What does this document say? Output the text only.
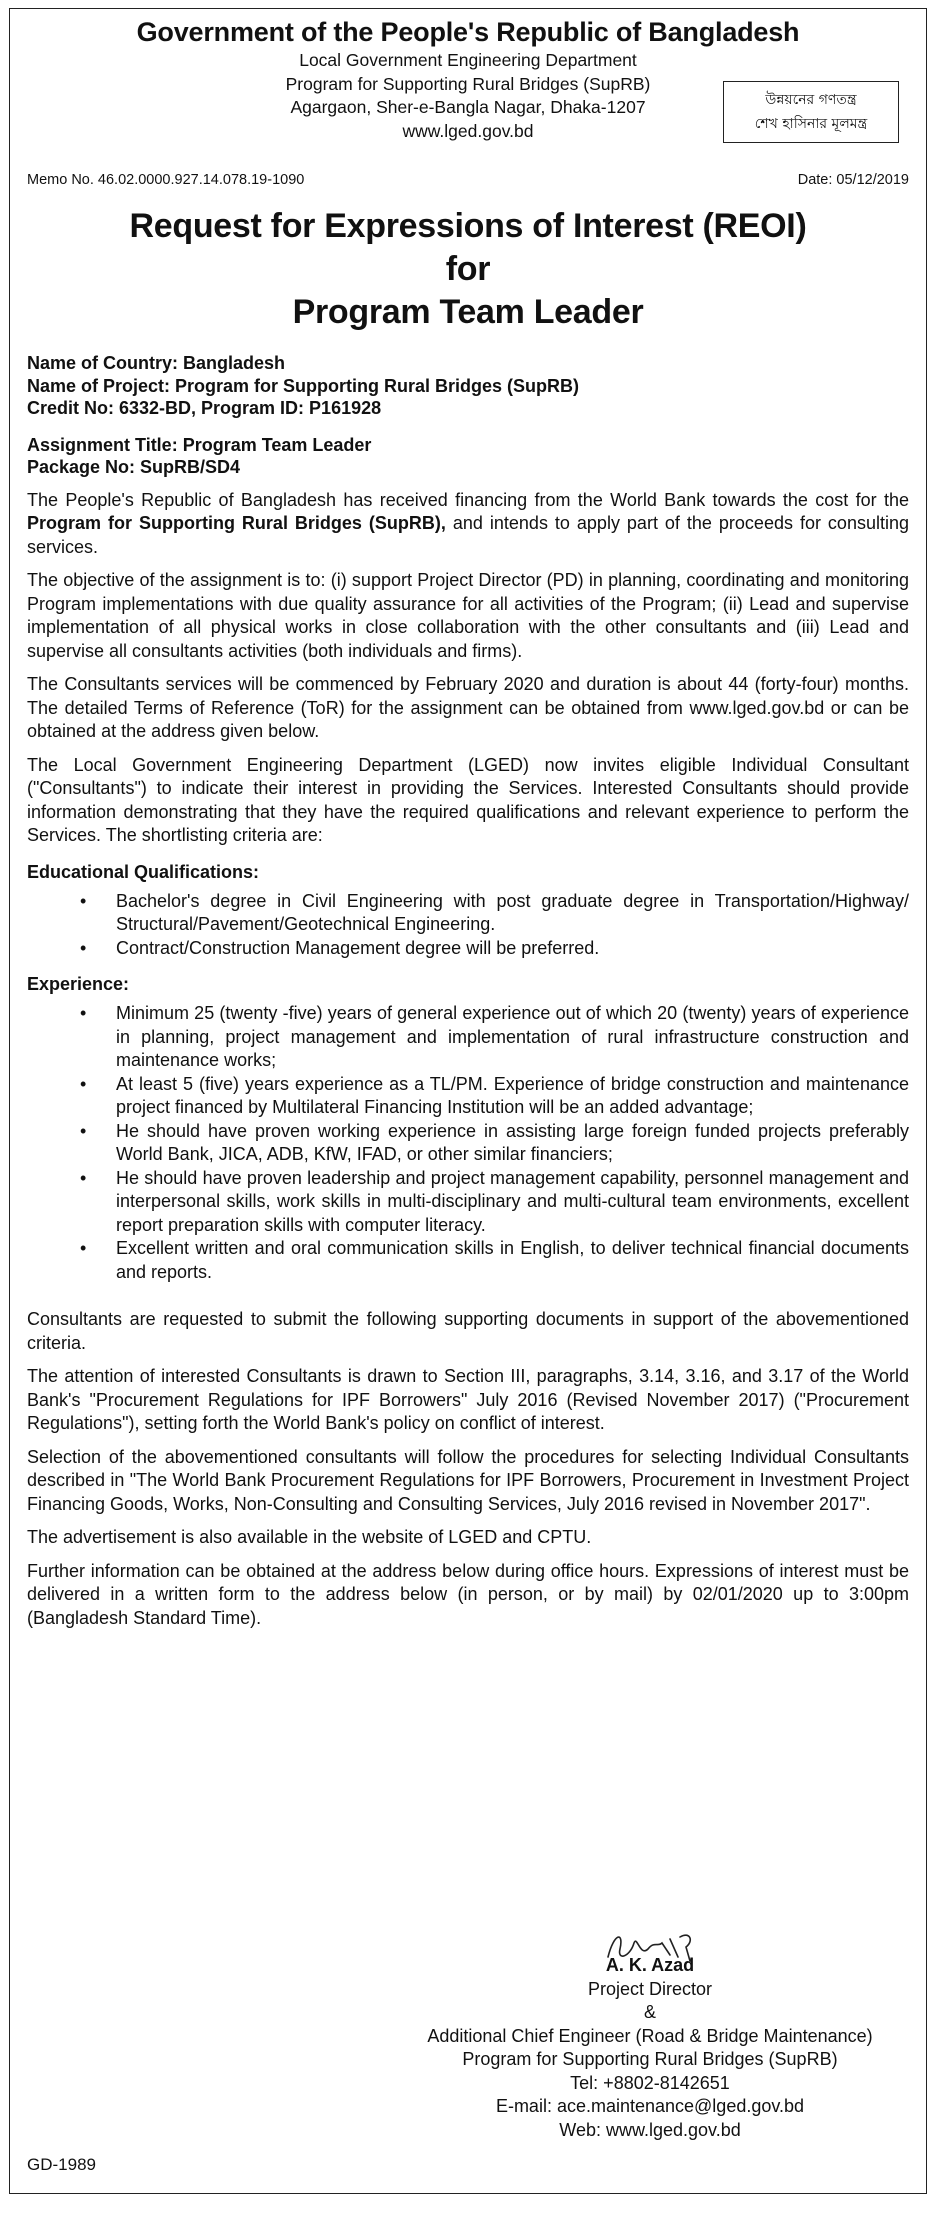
Government of the People's Republic of Bangladesh
Local Government Engineering Department
Program for Supporting Rural Bridges (SupRB)
Agargaon, Sher-e-Bangla Nagar, Dhaka-1207
www.lged.gov.bd
উন্নয়নের গণতন্ত্র
শেখ হাসিনার মূলমন্ত্র
Memo No. 46.02.0000.927.14.078.19-1090	Date: 05/12/2019
Request for Expressions of Interest (REOI)
for
Program Team Leader
Name of Country: Bangladesh
Name of Project: Program for Supporting Rural Bridges (SupRB)
Credit No: 6332-BD, Program ID: P161928
Assignment Title: Program Team Leader
Package No: SupRB/SD4

The People's Republic of Bangladesh has received financing from the World Bank towards the cost for the Program for Supporting Rural Bridges (SupRB), and intends to apply part of the proceeds for consulting services.

The objective of the assignment is to: (i) support Project Director (PD) in planning, coordinating and monitoring Program implementations with due quality assurance for all activities of the Program; (ii) Lead and supervise implementation of all physical works in close collaboration with the other consultants and (iii) Lead and supervise all consultants activities (both individuals and firms).

The Consultants services will be commenced by February 2020 and duration is about 44 (forty-four) months. The detailed Terms of Reference (ToR) for the assignment can be obtained from www.lged.gov.bd or can be obtained at the address given below.

The Local Government Engineering Department (LGED) now invites eligible Individual Consultant ("Consultants") to indicate their interest in providing the Services. Interested Consultants should provide information demonstrating that they have the required qualifications and relevant experience to perform the Services. The shortlisting criteria are:

Educational Qualifications:
• Bachelor's degree in Civil Engineering with post graduate degree in Transportation/Highway/ Structural/Pavement/Geotechnical Engineering.
• Contract/Construction Management degree will be preferred.
Experience:
• Minimum 25 (twenty -five) years of general experience out of which 20 (twenty) years of experience in planning, project management and implementation of rural infrastructure construction and maintenance works;
• At least 5 (five) years experience as a TL/PM. Experience of bridge construction and maintenance project financed by Multilateral Financing Institution will be an added advantage;
• He should have proven working experience in assisting large foreign funded projects preferably World Bank, JICA, ADB, KfW, IFAD, or other similar financiers;
• He should have proven leadership and project management capability, personnel management and interpersonal skills, work skills in multi-disciplinary and multi-cultural team environments, excellent report preparation skills with computer literacy.
• Excellent written and oral communication skills in English, to deliver technical financial documents and reports.

Consultants are requested to submit the following supporting documents in support of the abovementioned criteria.

The attention of interested Consultants is drawn to Section III, paragraphs, 3.14, 3.16, and 3.17 of the World Bank's "Procurement Regulations for IPF Borrowers" July 2016 (Revised November 2017) ("Procurement Regulations"), setting forth the World Bank's policy on conflict of interest.

Selection of the abovementioned consultants will follow the procedures for selecting Individual Consultants described in "The World Bank Procurement Regulations for IPF Borrowers, Procurement in Investment Project Financing Goods, Works, Non-Consulting and Consulting Services, July 2016 revised in November 2017".

The advertisement is also available in the website of LGED and CPTU.

Further information can be obtained at the address below during office hours. Expressions of interest must be delivered in a written form to the address below (in person, or by mail) by 02/01/2020 up to 3:00pm (Bangladesh Standard Time).

A. K. Azad
Project Director
&
Additional Chief Engineer (Road & Bridge Maintenance)
Program for Supporting Rural Bridges (SupRB)
Tel: +8802-8142651
E-mail: ace.maintenance@lged.gov.bd
Web: www.lged.gov.bd
GD-1989
